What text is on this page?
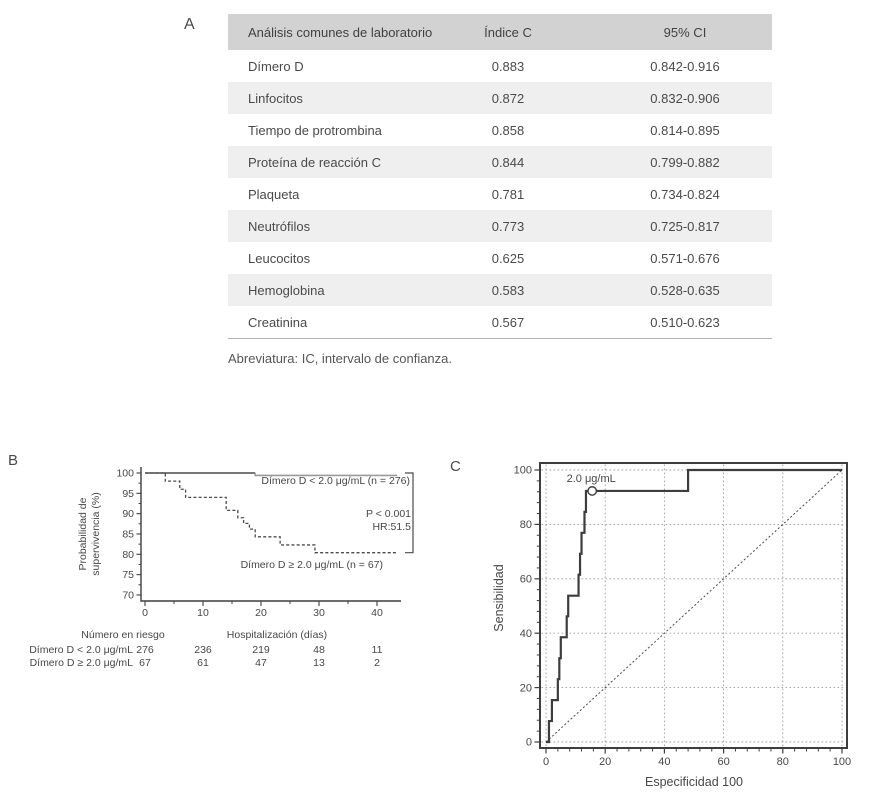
A	Análisis comunes de laboratorio	Índice C	95% CI
Dímero D	0.883	0.842-0.916
Linfocitos	0.872	0.832-0.906
Tiempo de protrombina	0.858	0.814-0.895
Proteína de reacción C	0.844	0.799-0.882
Plaqueta	0.781	0.734-0.824
Neutrófilos	0.773	0.725-0.817
Leucocitos	0.625	0.571-0.676
Hemoglobina	0.583	0.528-0.635
Creatinina	0.567	0.510-0.623
Abreviatura: IC, intervalo de confianza.
B
100
95
90
85
80
75
70
0	10	20	30	40
Probabilidad de supervivencia (%)
Dímero D < 2.0 μg/mL (n = 276)
Dímero D ≥ 2.0 μg/mL (n = 67)
P < 0.001
HR:51.5
Número en riesgo	Hospitalización (días)
Dímero D < 2.0 μg/mL 276	236	219	48	11
Dímero D ≥ 2.0 μg/mL 67	61	47	13	2
C
0	20	40	60	80	100
0
20
40
60
80
100
Sensibilidad
Especificidad 100
2.0 μg/mL
